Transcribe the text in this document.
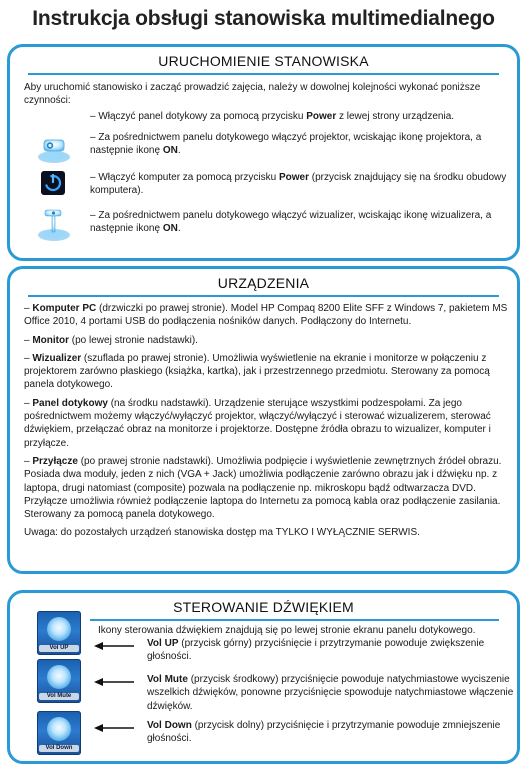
Instrukcja obsługi stanowiska multimedialnego
URUCHOMIENIE STANOWISKA
Aby uruchomić stanowisko i zacząć prowadzić zajęcia, należy w dowolnej kolejności wykonać poniższe czynności:
– Włączyć panel dotykowy za pomocą przycisku Power z lewej strony urządzenia.
– Za pośrednictwem panelu dotykowego włączyć projektor, wciskając ikonę projektora, a następnie ikonę ON.
– Włączyć komputer za pomocą przycisku Power (przycisk znajdujący się na środku obudowy komputera).
– Za pośrednictwem panelu dotykowego włączyć wizualizer, wciskając ikonę wizualizera, a następnie ikonę ON.
URZĄDZENIA
– Komputer PC (drzwiczki po prawej stronie). Model HP Compaq 8200 Elite SFF z Windows 7, pakietem MS Office 2010, 4 portami USB do podłączenia nośników danych. Podłączony do Internetu.
– Monitor (po lewej stronie nadstawki).
– Wizualizer (szuflada po prawej stronie). Umożliwia wyświetlenie na ekranie i monitorze w połączeniu z projektorem zarówno płaskiego (książka, kartka), jak i przestrzennego przedmiotu. Sterowany za pomocą panela dotykowego.
– Panel dotykowy (na środku nadstawki). Urządzenie sterujące wszystkimi podzespołami. Za jego pośrednictwem możemy włączyć/wyłączyć projektor, włączyć/wyłączyć i sterować wizualizerem, sterować dźwiękiem, przełączać obraz na monitorze i projektorze. Dostępne źródła obrazu to wizualizer, komputer i przyłącze.
– Przyłącze (po prawej stronie nadstawki). Umożliwia podpięcie i wyświetlenie zewnętrznych źródeł obrazu. Posiada dwa moduły, jeden z nich (VGA + Jack) umożliwia podłączenie zarówno obrazu jak i dźwięku np. z laptopa, drugi natomiast (composite) pozwala na podłączenie np. mikroskopu bądź odtwarzacza DVD. Przyłącze umożliwia również podłączenie laptopa do Internetu za pomocą kabla oraz podłączenie zasilania. Sterowany za pomocą panela dotykowego.
Uwaga: do pozostałych urządzeń stanowiska dostęp ma TYLKO I WYŁĄCZNIE SERWIS.
STEROWANIE DŹWIĘKIEM
Ikony sterowania dźwiękiem znajdują się po lewej stronie ekranu panelu dotykowego.
Vol UP	Vol UP (przycisk górny) przyciśnięcie i przytrzymanie powoduje zwiększenie głośności.
Vol Mute
Vol Mute (przycisk środkowy) przyciśnięcie powoduje natychmiastowe wyciszenie wszelkich dźwięków, ponowne przyciśnięcie spowoduje natychmiastowe włączenie dźwięków.
Vol Down
Vol Down (przycisk dolny) przyciśnięcie i przytrzymanie powoduje zmniejszenie głośności.
